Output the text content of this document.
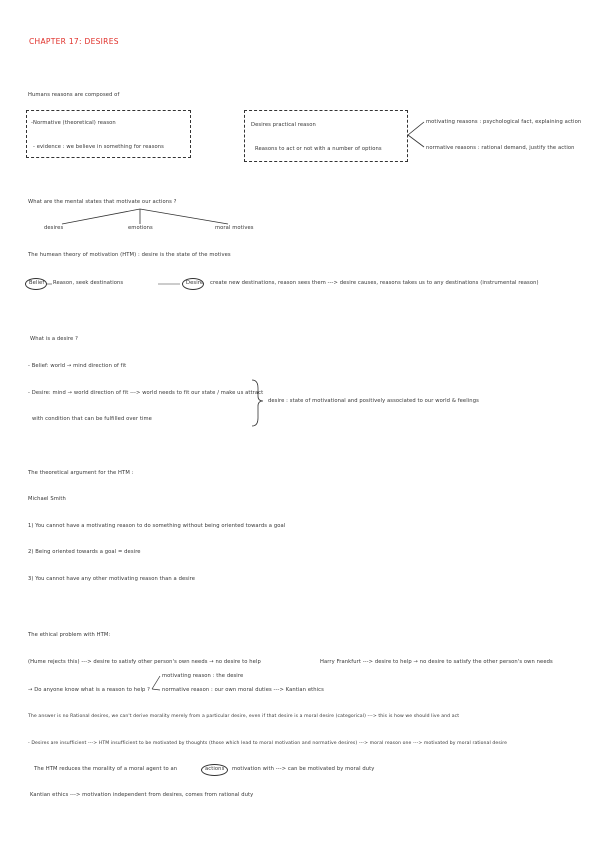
CHAPTER 17: DESIRES
Humans reasons are composed of
-Normative (theoretical) reason
- evidence : we believe in something for reasons
Desires practical reason
Reasons to act or not with a number of options
motivating reasons : psychological fact, explaining action
normative reasons : rational demand, justify the action
What are the mental states that motivate our actions ?
desires	emotions	moral motives
The humean theory of motivation (HTM) : desire is the state of the motives
Belief Reason, seek destinations	Desire create new destinations, reason sees them ---> desire causes, reasons takes us to any destinations (instrumental reason)
What is a desire ?
- Belief: world → mind direction of fit
- Desire: mind → world direction of fit ---> world needs to fit our state / make us attract
with condition that can be fulfilled over time
desire : state of motivational and positively associated to our world & feelings
The theoretical argument for the HTM :
Michael Smith
1) You cannot have a motivating reason to do something without being oriented towards a goal
2) Being oriented towards a goal = desire
3) You cannot have any other motivating reason than a desire
The ethical problem with HTM:
(Hume rejects this) ---> desire to satisfy other person's own needs → no desire to help	Harry Frankfurt ---> desire to help → no desire to satisfy the other person's own needs
→ Do anyone know what is a reason to help ?
motivating reason : the desire
normative reason : our own moral duties ---> Kantian ethics
The answer is no Rational desires, we can't derive morality merely from a particular desire, even if that desire is a moral desire (categorical) ---> this is how we should live and act
- Desires are insufficient ---> HTM insufficient to be motivated by thoughts (those which lead to moral motivation and normative desires) ---> moral reason one ---> motivated by moral rational desire
The HTM reduces the morality of a moral agent to an	actions motivation with ---> can be motivated by moral duty
Kantian ethics ---> motivation independent from desires, comes from rational duty
